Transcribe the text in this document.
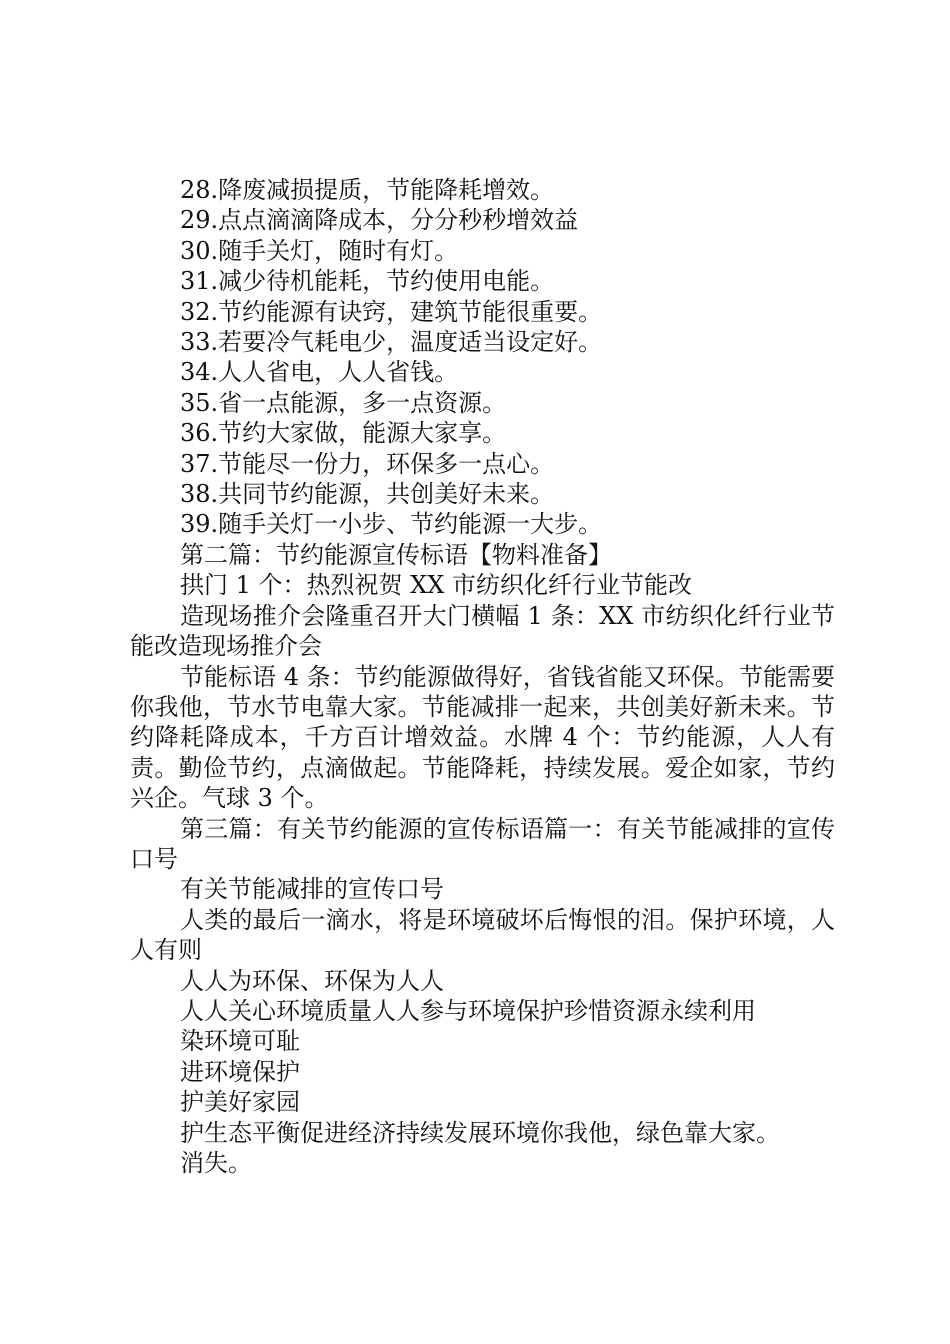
28.降废减损提质，节能降耗增效。

29.点点滴滴降成本，分分秒秒增效益

30.随手关灯，随时有灯。

31.减少待机能耗，节约使用电能。

32.节约能源有诀窍，建筑节能很重要。

33.若要冷气耗电少，温度适当设定好。

34.人人省电，人人省钱。

35.省一点能源，多一点资源。

36.节约大家做，能源大家享。

37.节能尽一份力，环保多一点心。

38.共同节约能源，共创美好未来。

39.随手关灯一小步、节约能源一大步。

第二篇：节约能源宣传标语【物料准备】

拱门 1 个：热烈祝贺 XX 市纺织化纤行业节能改

造现场推介会隆重召开大门横幅 1 条：XX 市纺织化纤行业节能改造现场推介会

节能标语 4 条：节约能源做得好，省钱省能又环保。节能需要你我他，节水节电靠大家。节能减排一起来，共创美好新未来。节约降耗降成本，千方百计增效益。水牌 4 个：节约能源，人人有责。勤俭节约，点滴做起。节能降耗，持续发展。爱企如家，节约兴企。气球 3 个。

第三篇：有关节约能源的宣传标语篇一：有关节能减排的宣传口号

有关节能减排的宣传口号

人类的最后一滴水，将是环境破坏后悔恨的泪。保护环境，人人有则

人人为环保、环保为人人

人人关心环境质量人人参与环境保护珍惜资源永续利用

染环境可耻

进环境保护

护美好家园

护生态平衡促进经济持续发展环境你我他，绿色靠大家。

消失。
